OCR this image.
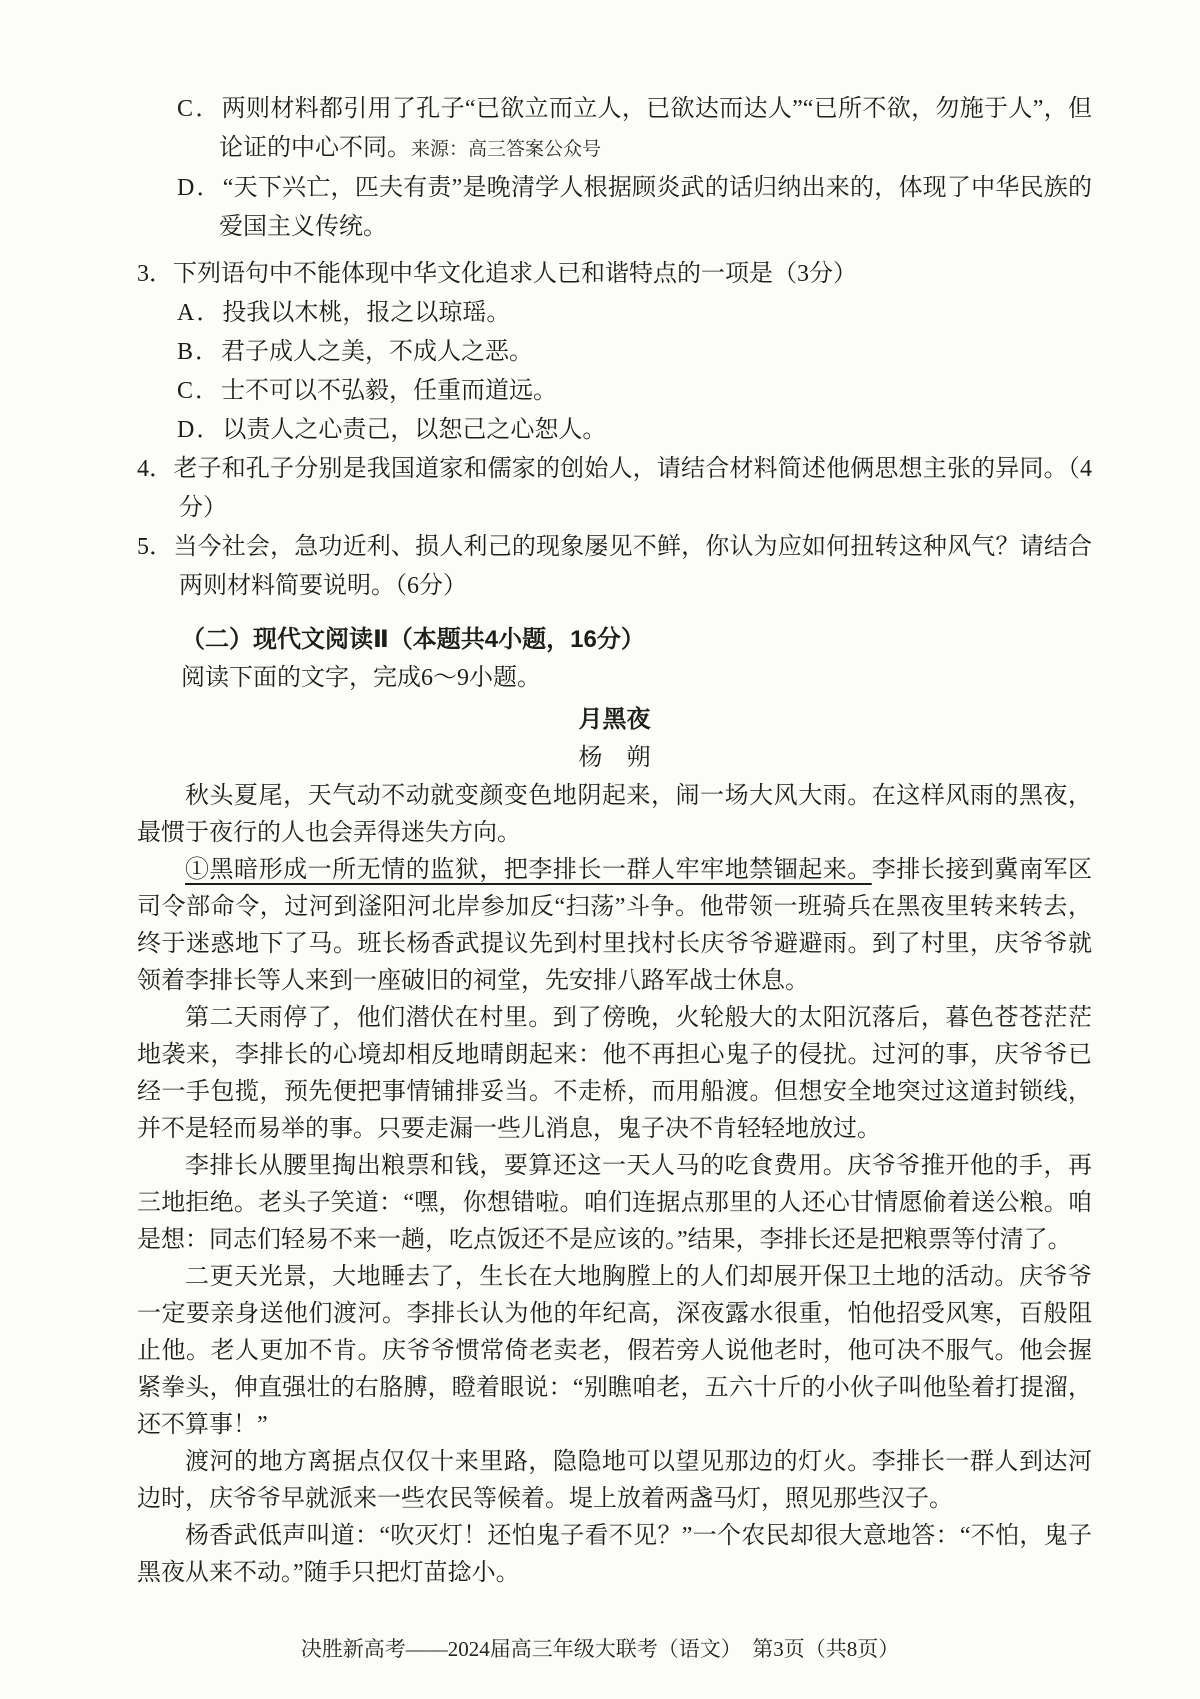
C．两则材料都引用了孔子“已欲立而立人，已欲达而达人”“已所不欲，勿施于人”，但论证的中心不同。来源：高三答案公众号
D．“天下兴亡，匹夫有责”是晚清学人根据顾炎武的话归纳出来的，体现了中华民族的爱国主义传统。
3．下列语句中不能体现中华文化追求人已和谐特点的一项是（3分）
A．投我以木桃，报之以琼瑶。
B．君子成人之美，不成人之恶。
C．士不可以不弘毅，任重而道远。
D．以责人之心责己，以恕己之心恕人。
4．老子和孔子分别是我国道家和儒家的创始人，请结合材料简述他俩思想主张的异同。（4分）
5．当今社会，急功近利、损人利己的现象屡见不鲜，你认为应如何扭转这种风气？请结合两则材料简要说明。（6分）
（二）现代文阅读Ⅱ（本题共4小题，16分）
阅读下面的文字，完成6～9小题。
月黑夜
杨　朔

秋头夏尾，天气动不动就变颜变色地阴起来，闹一场大风大雨。在这样风雨的黑夜，最惯于夜行的人也会弄得迷失方向。

①黑暗形成一所无情的监狱，把李排长一群人牢牢地禁锢起来。李排长接到冀南军区司令部命令，过河到滏阳河北岸参加反“扫荡”斗争。他带领一班骑兵在黑夜里转来转去，终于迷惑地下了马。班长杨香武提议先到村里找村长庆爷爷避避雨。到了村里，庆爷爷就领着李排长等人来到一座破旧的祠堂，先安排八路军战士休息。

第二天雨停了，他们潜伏在村里。到了傍晚，火轮般大的太阳沉落后，暮色苍苍茫茫地袭来，李排长的心境却相反地晴朗起来：他不再担心鬼子的侵扰。过河的事，庆爷爷已经一手包揽，预先便把事情铺排妥当。不走桥，而用船渡。但想安全地突过这道封锁线，并不是轻而易举的事。只要走漏一些儿消息，鬼子决不肯轻轻地放过。

李排长从腰里掏出粮票和钱，要算还这一天人马的吃食费用。庆爷爷推开他的手，再三地拒绝。老头子笑道：“嘿，你想错啦。咱们连据点那里的人还心甘情愿偷着送公粮。咱是想：同志们轻易不来一趟，吃点饭还不是应该的。”结果，李排长还是把粮票等付清了。

二更天光景，大地睡去了，生长在大地胸膛上的人们却展开保卫土地的活动。庆爷爷一定要亲身送他们渡河。李排长认为他的年纪高，深夜露水很重，怕他招受风寒，百般阻止他。老人更加不肯。庆爷爷惯常倚老卖老，假若旁人说他老时，他可决不服气。他会握紧拳头，伸直强壮的右胳膊，瞪着眼说：“别瞧咱老，五六十斤的小伙子叫他坠着打提溜，还不算事！”

渡河的地方离据点仅仅十来里路，隐隐地可以望见那边的灯火。李排长一群人到达河边时，庆爷爷早就派来一些农民等候着。堤上放着两盏马灯，照见那些汉子。

杨香武低声叫道：“吹灭灯！还怕鬼子看不见？”一个农民却很大意地答：“不怕，鬼子黑夜从来不动。”随手只把灯苗捻小。

决胜新高考——2024届高三年级大联考（语文）　第3页（共8页）
